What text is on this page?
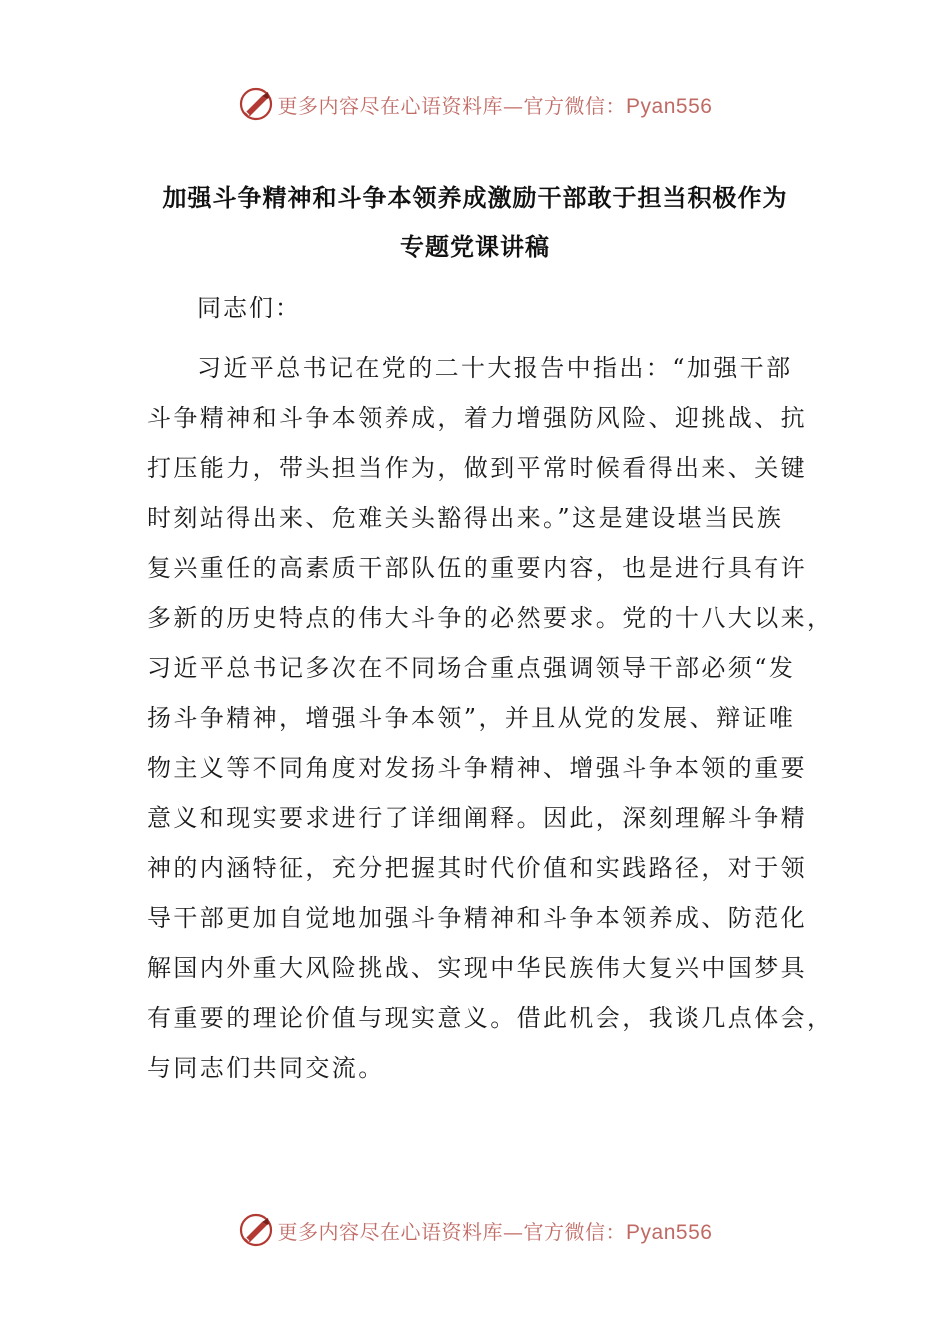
更多内容尽在心语资料库—官方微信：Pyan556
加强斗争精神和斗争本领养成激励干部敢于担当积极作为
专题党课讲稿
同志们：
习近平总书记在党的二十大报告中指出：“加强干部
斗争精神和斗争本领养成，着力增强防风险、迎挑战、抗
打压能力，带头担当作为，做到平常时候看得出来、关键
时刻站得出来、危难关头豁得出来。”这是建设堪当民族
复兴重任的高素质干部队伍的重要内容，也是进行具有许
多新的历史特点的伟大斗争的必然要求。党的十八大以来，
习近平总书记多次在不同场合重点强调领导干部必须“发
扬斗争精神，增强斗争本领”，并且从党的发展、辩证唯
物主义等不同角度对发扬斗争精神、增强斗争本领的重要
意义和现实要求进行了详细阐释。因此，深刻理解斗争精
神的内涵特征，充分把握其时代价值和实践路径，对于领
导干部更加自觉地加强斗争精神和斗争本领养成、防范化
解国内外重大风险挑战、实现中华民族伟大复兴中国梦具
有重要的理论价值与现实意义。借此机会，我谈几点体会，
与同志们共同交流。
更多内容尽在心语资料库—官方微信：Pyan556
